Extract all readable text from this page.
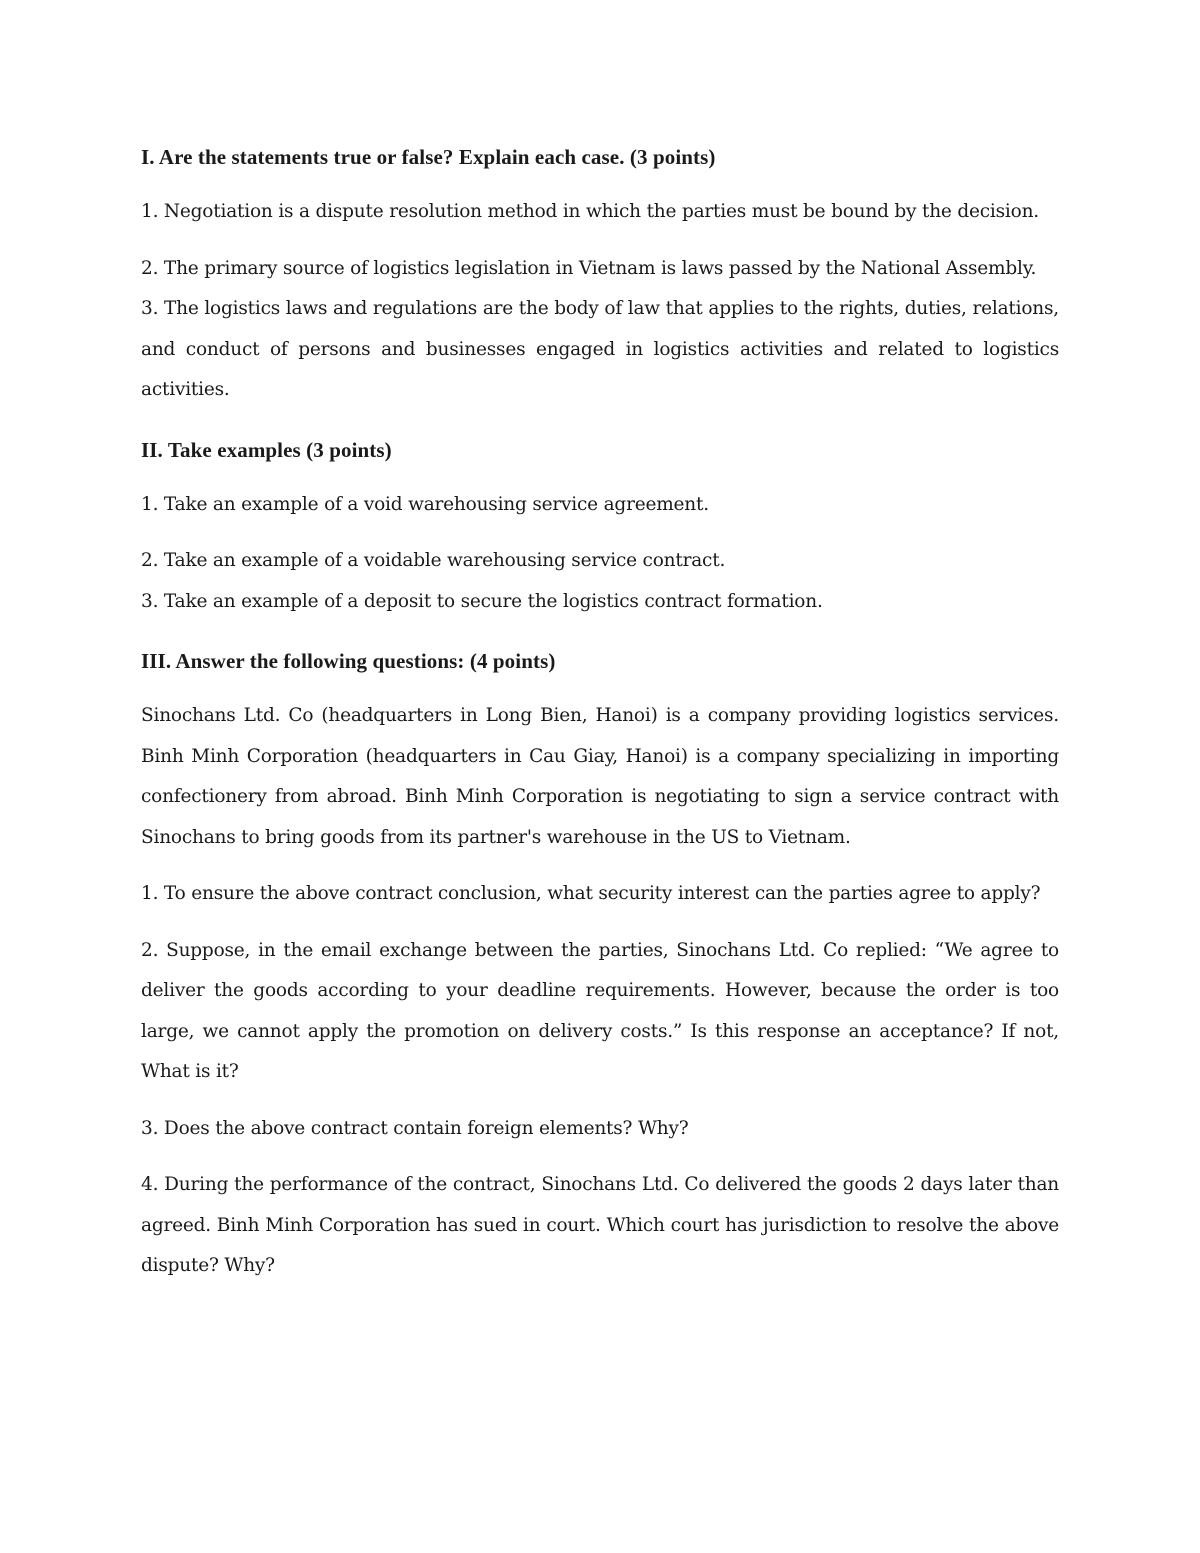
I. Are the statements true or false? Explain each case. (3 points)

1. Negotiation is a dispute resolution method in which the parties must be bound by the decision.

2. The primary source of logistics legislation in Vietnam is laws passed by the National Assembly.

3. The logistics laws and regulations are the body of law that applies to the rights, duties, relations, and conduct of persons and businesses engaged in logistics activities and related to logistics activities.

II. Take examples (3 points)

1. Take an example of a void warehousing service agreement.

2. Take an example of a voidable warehousing service contract.

3. Take an example of a deposit to secure the logistics contract formation.

III. Answer the following questions: (4 points)

Sinochans Ltd. Co (headquarters in Long Bien, Hanoi) is a company providing logistics services. Binh Minh Corporation (headquarters in Cau Giay, Hanoi) is a company specializing in importing confectionery from abroad. Binh Minh Corporation is negotiating to sign a service contract with Sinochans to bring goods from its partner's warehouse in the US to Vietnam.

1. To ensure the above contract conclusion, what security interest can the parties agree to apply?

2. Suppose, in the email exchange between the parties, Sinochans Ltd. Co replied: “We agree to deliver the goods according to your deadline requirements. However, because the order is too large, we cannot apply the promotion on delivery costs.” Is this response an acceptance? If not, What is it?

3. Does the above contract contain foreign elements? Why?

4. During the performance of the contract, Sinochans Ltd. Co delivered the goods 2 days later than agreed. Binh Minh Corporation has sued in court. Which court has jurisdiction to resolve the above dispute? Why?
